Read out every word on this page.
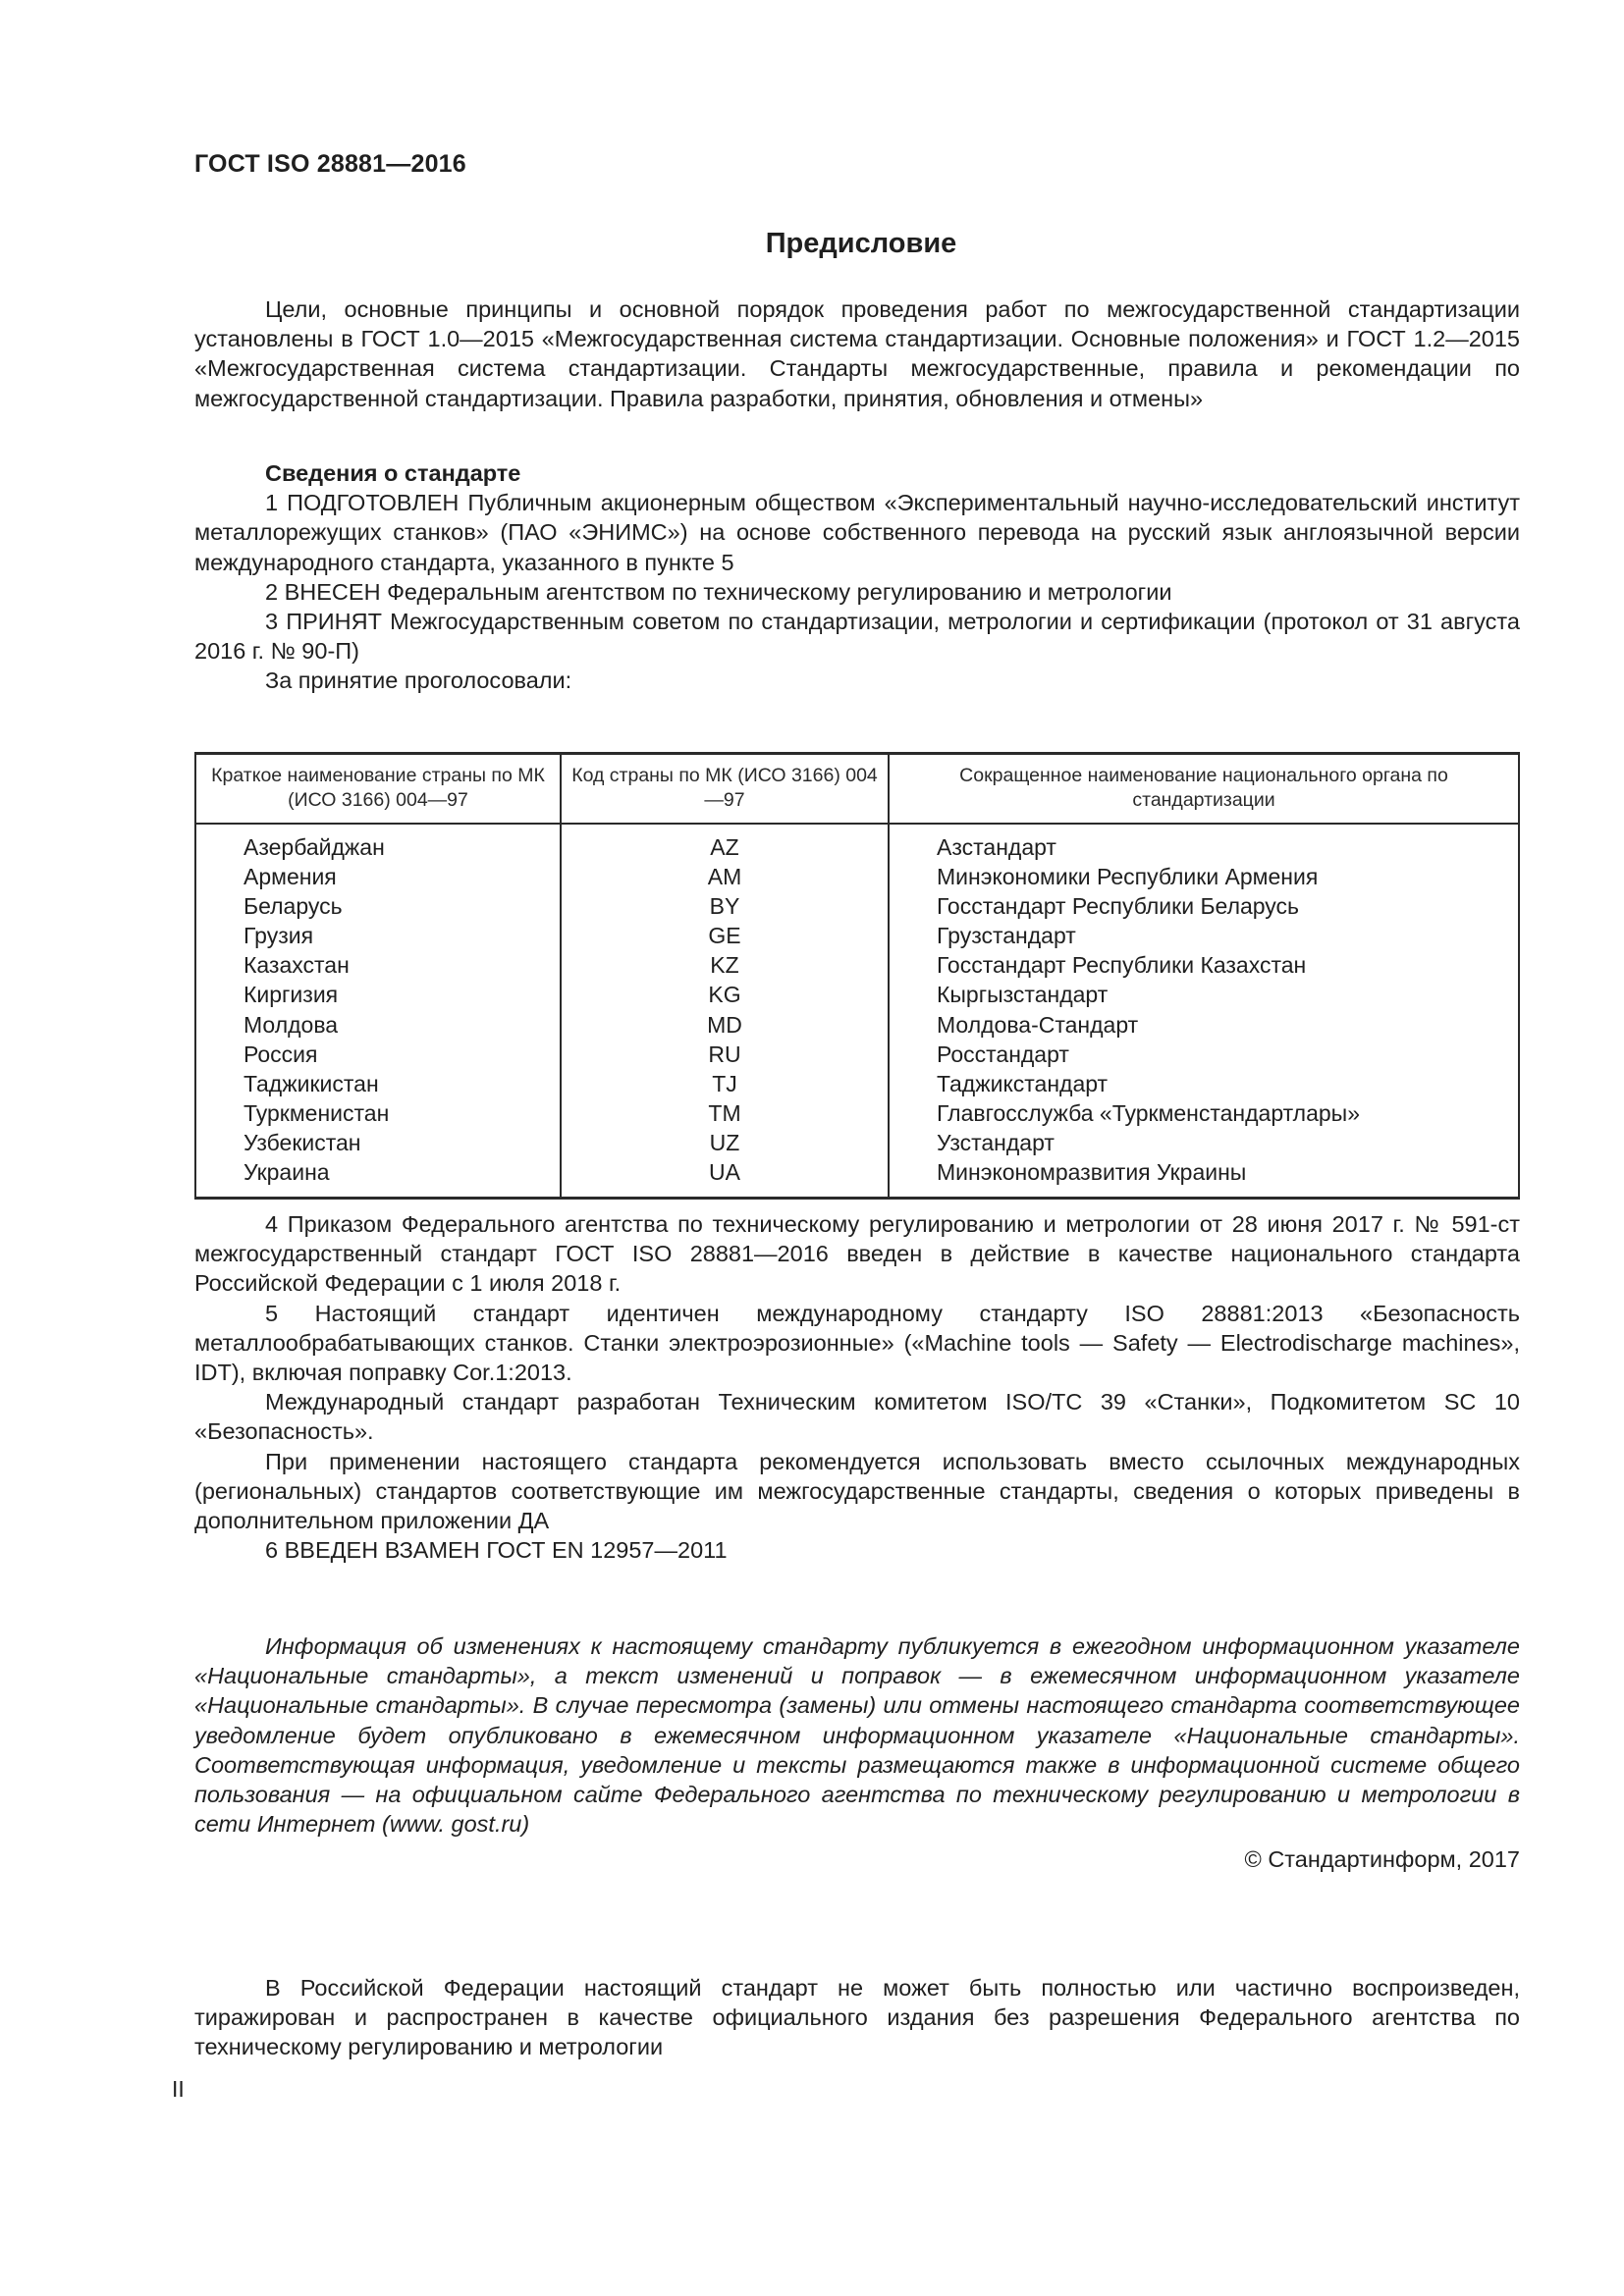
ГОСТ ISO 28881—2016
Предисловие

Цели, основные принципы и основной порядок проведения работ по межгосударственной стандартизации установлены в ГОСТ 1.0—2015 «Межгосударственная система стандартизации. Основные положения» и ГОСТ 1.2—2015 «Межгосударственная система стандартизации. Стандарты межгосударственные, правила и рекомендации по межгосударственной стандартизации. Правила разработки, принятия, обновления и отмены»

Сведения о стандарте

1 ПОДГОТОВЛЕН Публичным акционерным обществом «Экспериментальный научно-исследовательский институт металлорежущих станков» (ПАО «ЭНИМС») на основе собственного перевода на русский язык англоязычной версии международного стандарта, указанного в пункте 5

2 ВНЕСЕН Федеральным агентством по техническому регулированию и метрологии

3 ПРИНЯТ Межгосударственным советом по стандартизации, метрологии и сертификации (протокол от 31 августа 2016 г. № 90-П)

За принятие проголосовали:

Краткое наименование страны по МК (ИСО 3166) 004—97	Код страны по МК (ИСО 3166) 004—97	Сокращенное наименование национального органа по стандартизации
Азербайджан	AZ	Азстандарт
Армения	AM	Минэкономики Республики Армения
Беларусь	BY	Госстандарт Республики Беларусь
Грузия	GE	Грузстандарт
Казахстан	KZ	Госстандарт Республики Казахстан
Киргизия	KG	Кыргызстандарт
Молдова	MD	Молдова-Стандарт
Россия	RU	Росстандарт
Таджикистан	TJ	Таджикстандарт
Туркменистан	TM	Главгосслужба «Туркменстандартлары»
Узбекистан	UZ	Узстандарт
Украина	UA	Минэкономразвития Украины

4 Приказом Федерального агентства по техническому регулированию и метрологии от 28 июня 2017 г. № 591-ст межгосударственный стандарт ГОСТ ISO 28881—2016 введен в действие в качестве национального стандарта Российской Федерации с 1 июля 2018 г.

5 Настоящий стандарт идентичен международному стандарту ISO 28881:2013 «Безопасность металлообрабатывающих станков. Станки электроэрозионные» («Machine tools — Safety — Electrodischarge machines», IDT), включая поправку Cor.1:2013.

Международный стандарт разработан Техническим комитетом ISO/TC 39 «Станки», Подкомитетом SC 10 «Безопасность».

При применении настоящего стандарта рекомендуется использовать вместо ссылочных международных (региональных) стандартов соответствующие им межгосударственные стандарты, сведения о которых приведены в дополнительном приложении ДА

6 ВВЕДЕН ВЗАМЕН ГОСТ EN 12957—2011

Информация об изменениях к настоящему стандарту публикуется в ежегодном информационном указателе «Национальные стандарты», а текст изменений и поправок — в ежемесячном информационном указателе «Национальные стандарты». В случае пересмотра (замены) или отмены настоящего стандарта соответствующее уведомление будет опубликовано в ежемесячном информационном указателе «Национальные стандарты». Соответствующая информация, уведомление и тексты размещаются также в информационной системе общего пользования — на официальном сайте Федерального агентства по техническому регулированию и метрологии в сети Интернет (www. gost.ru)

© Стандартинформ, 2017

В Российской Федерации настоящий стандарт не может быть полностью или частично воспроизведен, тиражирован и распространен в качестве официального издания без разрешения Федерального агентства по техническому регулированию и метрологии

II
